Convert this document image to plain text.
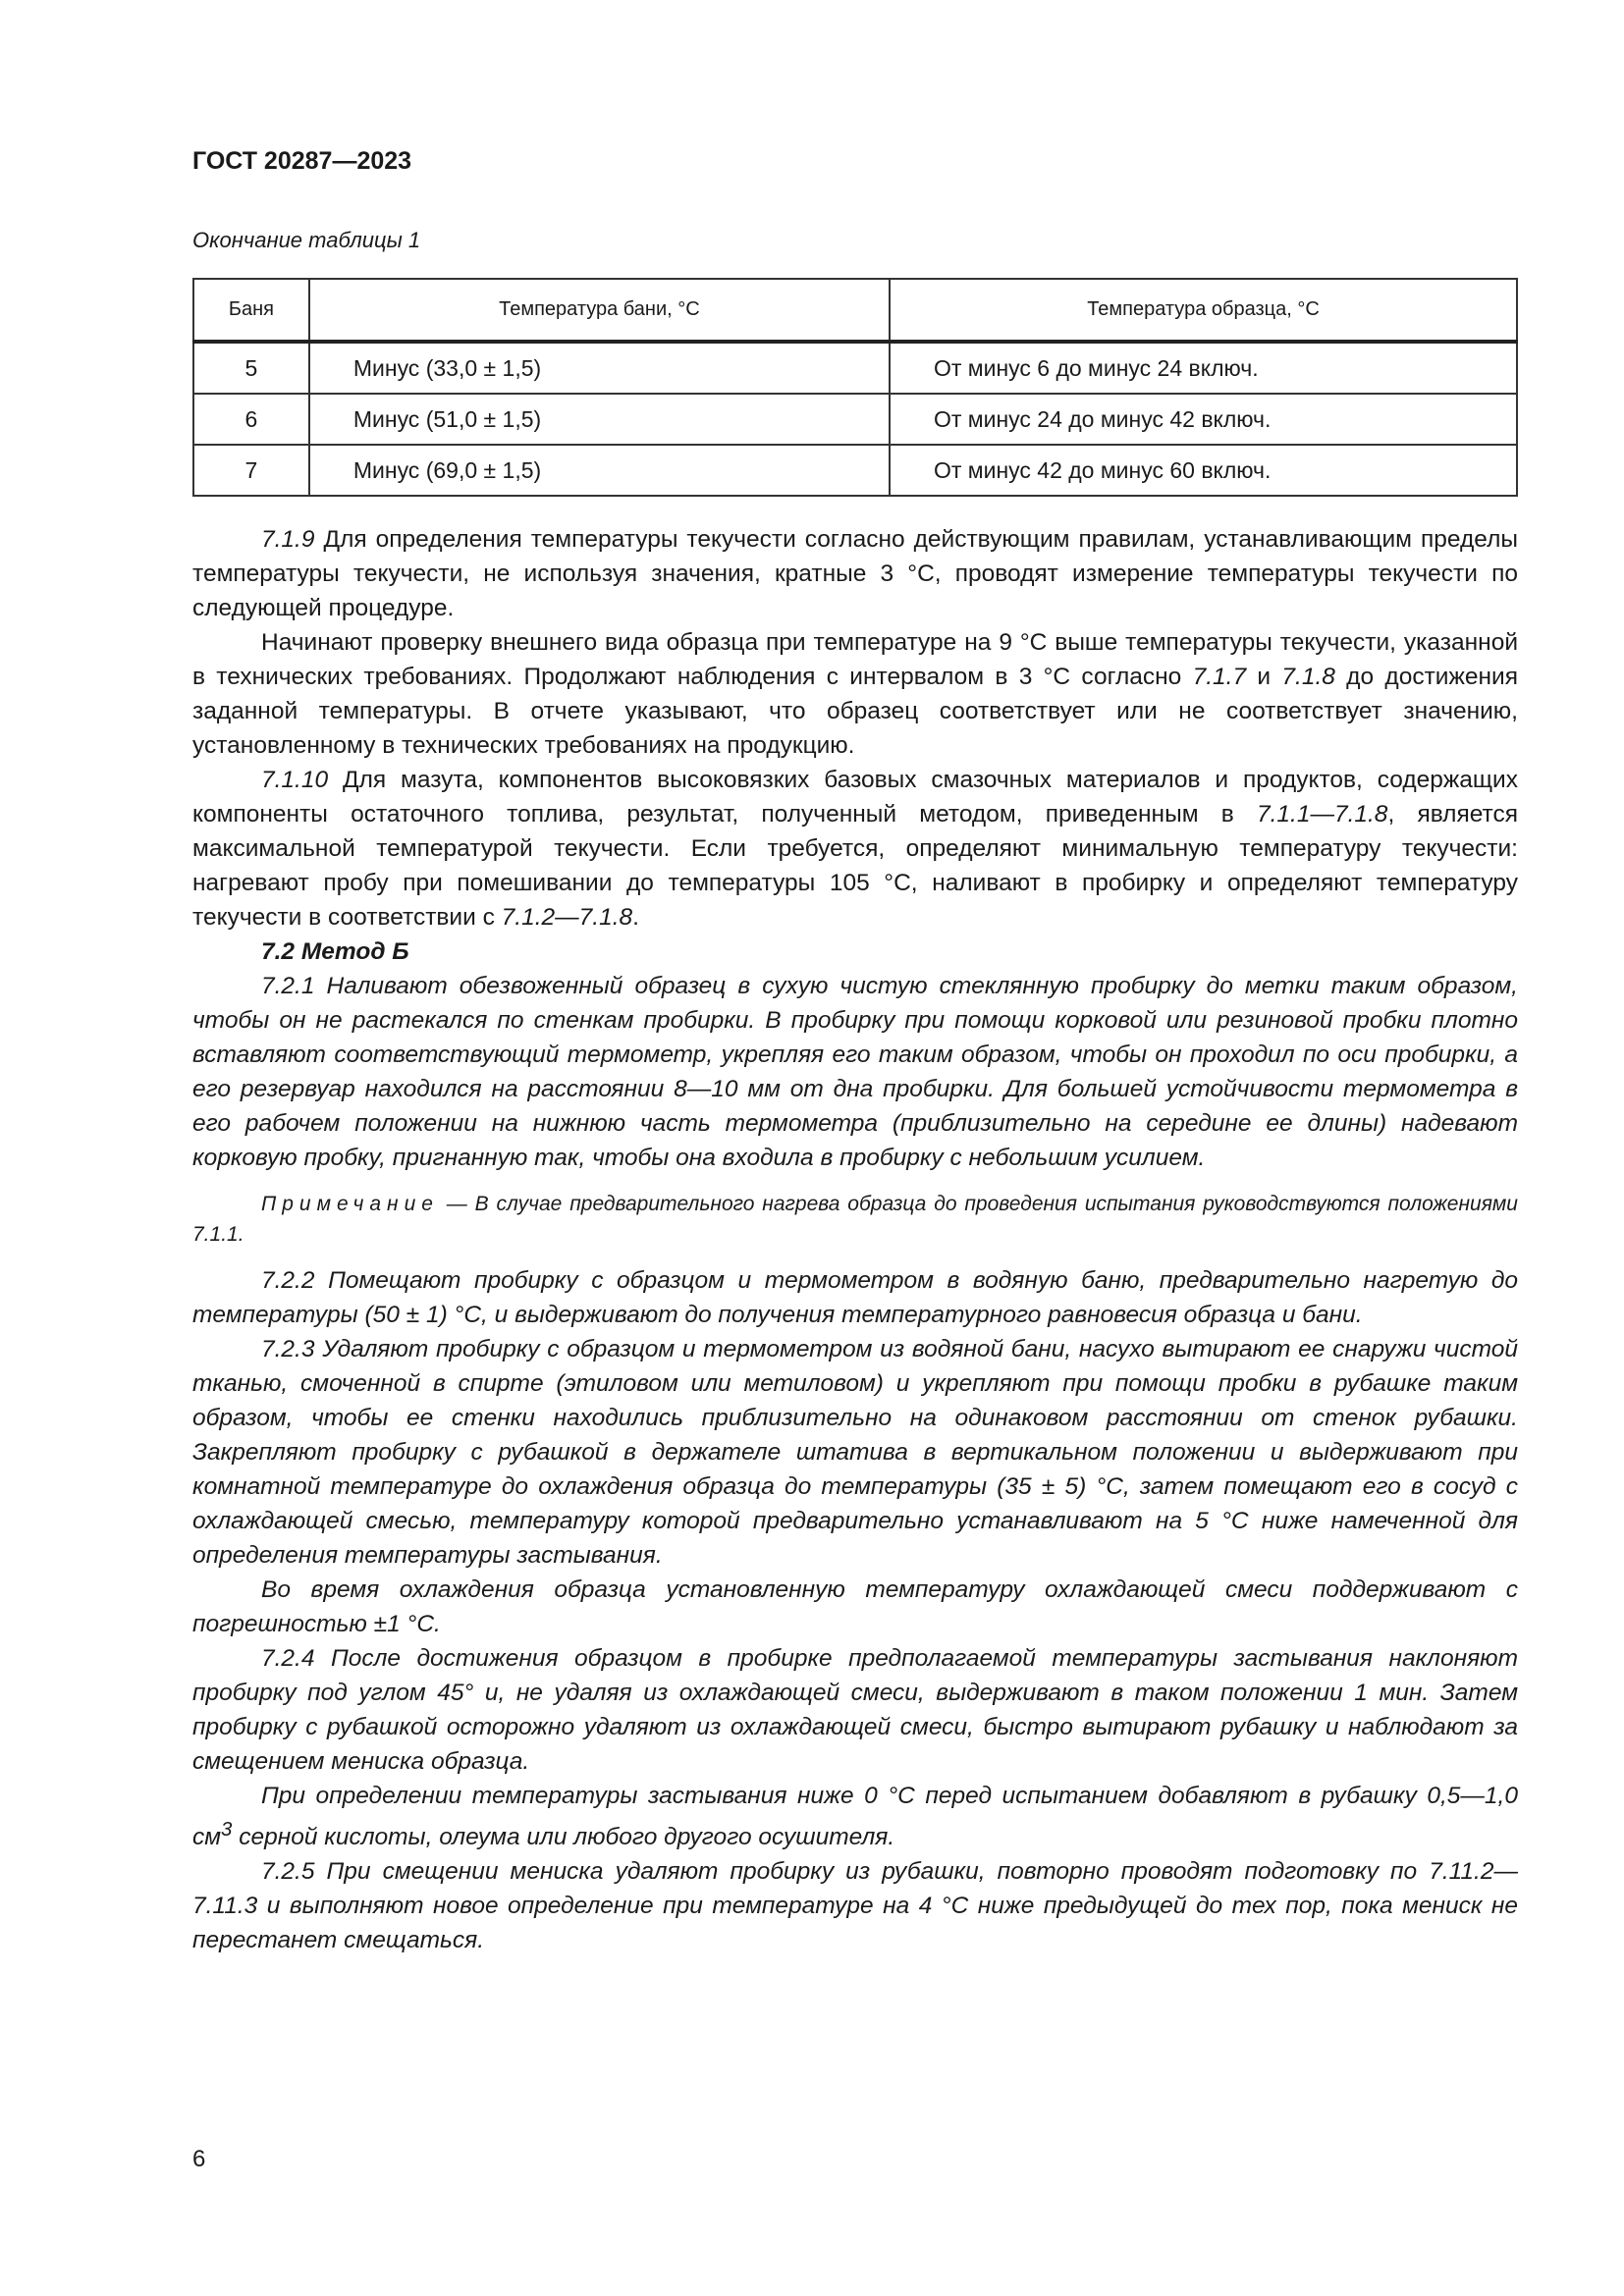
ГОСТ 20287—2023
Окончание таблицы 1
Баня	Температура бани, °С	Температура образца, °С
5	Минус (33,0 ± 1,5)	От минус 6 до минус 24 включ.
6	Минус (51,0 ± 1,5)	От минус 24 до минус 42 включ.
7	Минус (69,0 ± 1,5)	От минус 42 до минус 60 включ.

7.1.9 Для определения температуры текучести согласно действующим правилам, устанавливающим пределы температуры текучести, не используя значения, кратные 3 °С, проводят измерение температуры текучести по следующей процедуре.

Начинают проверку внешнего вида образца при температуре на 9 °С выше температуры текучести, указанной в технических требованиях. Продолжают наблюдения с интервалом в 3 °С согласно 7.1.7 и 7.1.8 до достижения заданной температуры. В отчете указывают, что образец соответствует или не соответствует значению, установленному в технических требованиях на продукцию.

7.1.10 Для мазута, компонентов высоковязких базовых смазочных материалов и продуктов, содержащих компоненты остаточного топлива, результат, полученный методом, приведенным в 7.1.1—7.1.8, является максимальной температурой текучести. Если требуется, определяют минимальную температуру текучести: нагревают пробу при помешивании до температуры 105 °С, наливают в пробирку и определяют температуру текучести в соответствии с 7.1.2—7.1.8.

7.2 Метод Б

7.2.1 Наливают обезвоженный образец в сухую чистую стеклянную пробирку до метки таким образом, чтобы он не растекался по стенкам пробирки. В пробирку при помощи корковой или резиновой пробки плотно вставляют соответствующий термометр, укрепляя его таким образом, чтобы он проходил по оси пробирки, а его резервуар находился на расстоянии 8—10 мм от дна пробирки. Для большей устойчивости термометра в его рабочем положении на нижнюю часть термометра (приблизительно на середине ее длины) надевают корковую пробку, пригнанную так, чтобы она входила в пробирку с небольшим усилием.

Примечание — В случае предварительного нагрева образца до проведения испытания руководствуются положениями 7.1.1.

7.2.2 Помещают пробирку с образцом и термометром в водяную баню, предварительно нагретую до температуры (50 ± 1) °С, и выдерживают до получения температурного равновесия образца и бани.

7.2.3 Удаляют пробирку с образцом и термометром из водяной бани, насухо вытирают ее снаружи чистой тканью, смоченной в спирте (этиловом или метиловом) и укрепляют при помощи пробки в рубашке таким образом, чтобы ее стенки находились приблизительно на одинаковом расстоянии от стенок рубашки. Закрепляют пробирку с рубашкой в держателе штатива в вертикальном положении и выдерживают при комнатной температуре до охлаждения образца до температуры (35 ± 5) °С, затем помещают его в сосуд с охлаждающей смесью, температуру которой предварительно устанавливают на 5 °С ниже намеченной для определения температуры застывания.

Во время охлаждения образца установленную температуру охлаждающей смеси поддерживают с погрешностью ±1 °С.

7.2.4 После достижения образцом в пробирке предполагаемой температуры застывания наклоняют пробирку под углом 45° и, не удаляя из охлаждающей смеси, выдерживают в таком положении 1 мин. Затем пробирку с рубашкой осторожно удаляют из охлаждающей смеси, быстро вытирают рубашку и наблюдают за смещением мениска образца.

При определении температуры застывания ниже 0 °С перед испытанием добавляют в рубашку 0,5—1,0 $см^3$ серной кислоты, олеума или любого другого осушителя.

7.2.5 При смещении мениска удаляют пробирку из рубашки, повторно проводят подготовку по 7.11.2—7.11.3 и выполняют новое определение при температуре на 4 °С ниже предыдущей до тех пор, пока мениск не перестанет смещаться.

6
